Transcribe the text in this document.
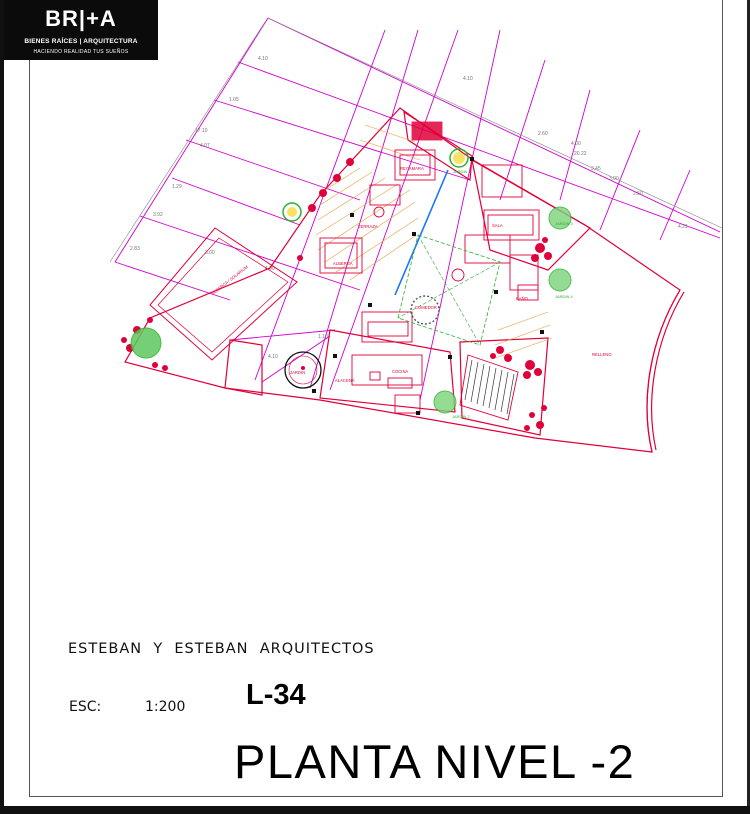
4.10
1.05
17.10
4.07
1.29
3.92
2.83
3.00
4.00
4.10
1.10
4.10
2.60
4.00
20.22
3.45
3.00
2.50
4.21
ALBERCA / SOLARIUM
COMEDOR
RECAMARA
SALA
TERRAZA
COCINA
ALACENA
ALBERCA
RELLENO
BAÑO
JARDIN
JARDIN 1
JARDIN 2
JARDIN 3
JARDIN 4
ESTEBAN  Y  ESTEBAN  ARQUITECTOS
ESC:	1:200 L-34
PLANTA NIVEL -2
BR|+A
BIENES RAÍCES | ARQUITECTURA
HACIENDO REALIDAD TUS SUEÑOS
